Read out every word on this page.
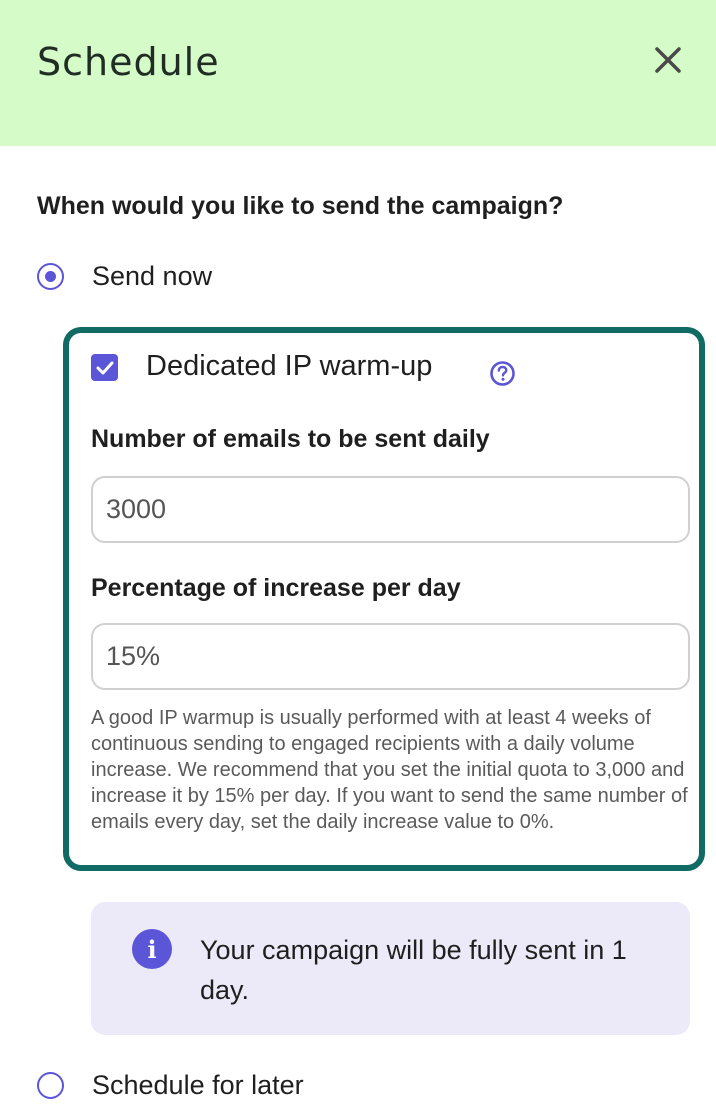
Schedule
When would you like to send the campaign?
Send now
Dedicated IP warm-up
Number of emails to be sent daily
3000
Percentage of increase per day
15%
A good IP warmup is usually performed with at least 4 weeks of continuous sending to engaged recipients with a daily volume increase. We recommend that you set the initial quota to 3,000 and increase it by 15% per day. If you want to send the same number of emails every day, set the daily increase value to 0%.
i	Your campaign will be fully sent in 1 day.
Schedule for later
